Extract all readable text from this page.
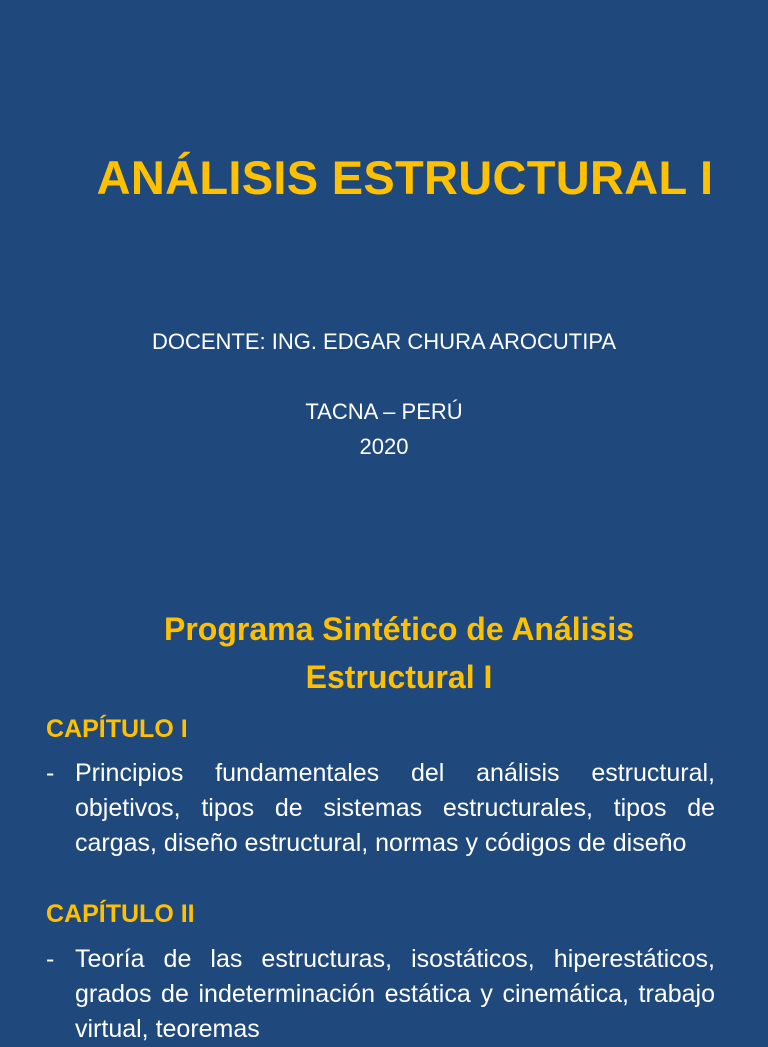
ANÁLISIS ESTRUCTURAL I
DOCENTE: ING. EDGAR CHURA AROCUTIPA
TACNA – PERÚ
2020
Programa Sintético de Análisis
Estructural I
CAPÍTULO I
- Principios fundamentales del análisis estructural, objetivos, tipos de sistemas estructurales, tipos de cargas, diseño estructural, normas y códigos de diseño
CAPÍTULO II
- Teoría de las estructuras, isostáticos, hiperestáticos, grados de indeterminación estática y cinemática, trabajo virtual, teoremas
